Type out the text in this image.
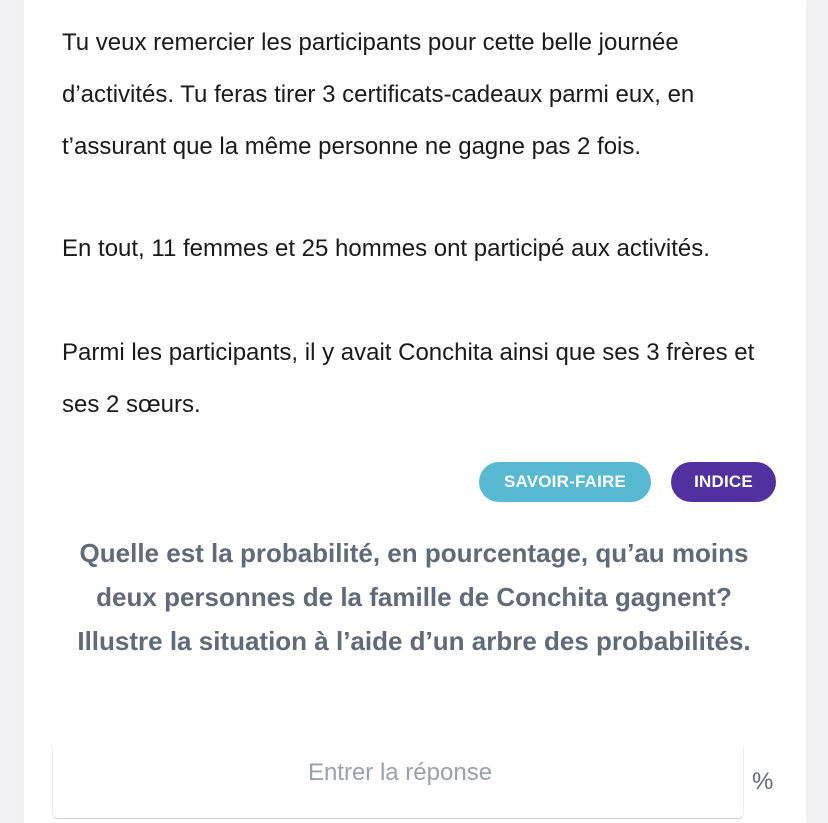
Tu veux remercier les participants pour cette belle journée d’activités. Tu feras tirer 3 certificats-cadeaux parmi eux, en t’assurant que la même personne ne gagne pas 2 fois.

En tout, 11 femmes et 25 hommes ont participé aux activités.

Parmi les participants, il y avait Conchita ainsi que ses 3 frères et ses 2 sœurs.

SAVOIR-FAIRE	INDICE

Quelle est la probabilité, en pourcentage, qu’au moins deux personnes de la famille de Conchita gagnent? Illustre la situation à l’aide d’un arbre des probabilités.

Entrer la réponse
%
